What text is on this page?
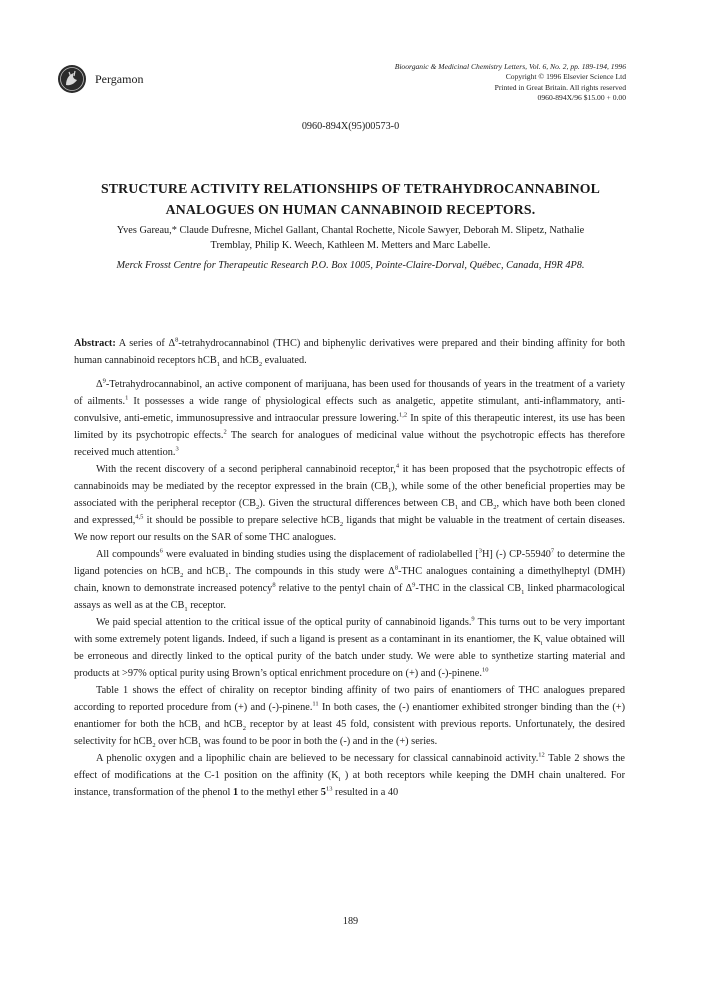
Pergamon
Bioorganic & Medicinal Chemistry Letters, Vol. 6, No. 2, pp. 189-194, 1996
Copyright © 1996 Elsevier Science Ltd
Printed in Great Britain. All rights reserved
0960-894X/96 $15.00 + 0.00
0960-894X(95)00573-0
STRUCTURE ACTIVITY RELATIONSHIPS OF TETRAHYDROCANNABINOL
ANALOGUES ON HUMAN CANNABINOID RECEPTORS.
Yves Gareau,* Claude Dufresne, Michel Gallant, Chantal Rochette, Nicole Sawyer, Deborah M. Slipetz, Nathalie
Tremblay, Philip K. Weech, Kathleen M. Metters and Marc Labelle.
Merck Frosst Centre for Therapeutic Research P.O. Box 1005, Pointe-Claire-Dorval, Québec, Canada, H9R 4P8.
Abstract: A series of $\Delta^8$-tetrahydrocannabinol (THC) and biphenylic derivatives were prepared and their binding affinity for both human cannabinoid receptors hCB$_1$ and hCB$_2$ evaluated.

$\Delta^9$-Tetrahydrocannabinol, an active component of marijuana, has been used for thousands of years in the treatment of a variety of ailments.$^1$ It possesses a wide range of physiological effects such as analgetic, appetite stimulant, anti-inflammatory, anti-convulsive, anti-emetic, immunosupressive and intraocular pressure lowering.$^{1,2}$ In spite of this therapeutic interest, its use has been limited by its psychotropic effects.$^2$ The search for analogues of medicinal value without the psychotropic effects has therefore received much attention.$^3$

With the recent discovery of a second peripheral cannabinoid receptor,$^4$ it has been proposed that the psychotropic effects of cannabinoids may be mediated by the receptor expressed in the brain $(CB_1)$, while some of the other beneficial properties may be associated with the peripheral receptor $(CB_2)$. Given the structural differences between $CB_1$ and $CB_2$, which have both been cloned and expressed,$^{4,5}$ it should be possible to prepare selective hCB$_2$ ligands that might be valuable in the treatment of certain diseases. We now report our results on the SAR of some THC analogues.

All compounds$^6$ were evaluated in binding studies using the displacement of radiolabelled [$^3$H] (-) CP-55940$^7$ to determine the ligand potencies on hCB$_2$ and hCB$_1$. The compounds in this study were $\Delta^8$-THC analogues containing a dimethylheptyl (DMH) chain, known to demonstrate increased potency$^8$ relative to the pentyl chain of $\Delta^9$-THC in the classical $CB_1$ linked pharmacological assays as well as at the $CB_1$ receptor.

We paid special attention to the critical issue of the optical purity of cannabinoid ligands.$^9$ This turns out to be very important with some extremely potent ligands. Indeed, if such a ligand is present as a contaminant in its enantiomer, the $K_i$ value obtained will be erroneous and directly linked to the optical purity of the batch under study. We were able to synthetize starting material and products at >97% optical purity using Brown’s optical enrichment procedure on (+) and (-)-pinene.$^{10}$

Table 1 shows the effect of chirality on receptor binding affinity of two pairs of enantiomers of THC analogues prepared according to reported procedure from (+) and (-)-pinene.$^{11}$ In both cases, the (-) enantiomer exhibited stronger binding than the (+) enantiomer for both the hCB$_1$ and hCB$_2$ receptor by at least 45 fold, consistent with previous reports. Unfortunately, the desired selectivity for hCB$_2$ over hCB$_1$ was found to be poor in both the (-) and in the (+) series.

A phenolic oxygen and a lipophilic chain are believed to be necessary for classical cannabinoid activity.$^{12}$ Table 2 shows the effect of modifications at the C-1 position on the affinity ($K_i$ ) at both receptors while keeping the DMH chain unaltered. For instance, transformation of the phenol 1 to the methyl ether $5^{13}$ resulted in a 40

189
